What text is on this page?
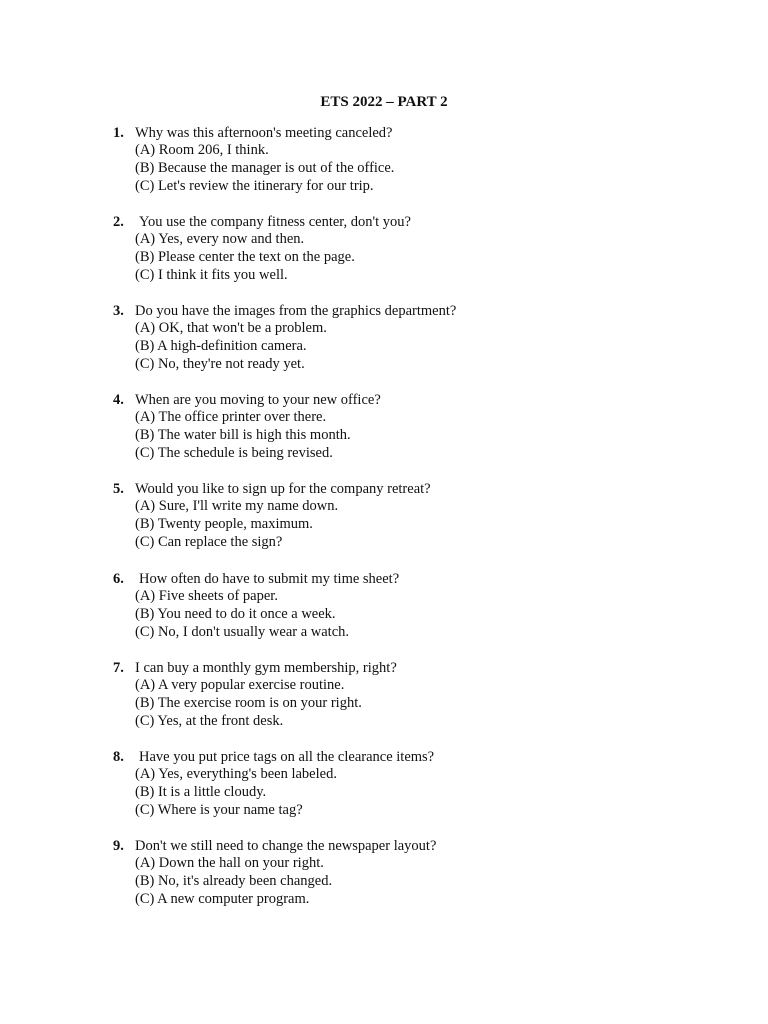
ETS 2022 – PART 2
1. Why was this afternoon's meeting canceled?
(A) Room 206, I think.
(B) Because the manager is out of the office.
(C) Let's review the itinerary for our trip.
2. You use the company fitness center, don't you?
(A) Yes, every now and then.
(B) Please center the text on the page.
(C) I think it fits you well.
3. Do you have the images from the graphics department?
(A) OK, that won't be a problem.
(B) A high-definition camera.
(C) No, they're not ready yet.
4. When are you moving to your new office?
(A) The office printer over there.
(B) The water bill is high this month.
(C) The schedule is being revised.
5. Would you like to sign up for the company retreat?
(A) Sure, I'll write my name down.
(B) Twenty people, maximum.
(C) Can replace the sign?
6. How often do have to submit my time sheet?
(A) Five sheets of paper.
(B) You need to do it once a week.
(C) No, I don't usually wear a watch.
7. I can buy a monthly gym membership, right?
(A) A very popular exercise routine.
(B) The exercise room is on your right.
(C) Yes, at the front desk.
8. Have you put price tags on all the clearance items?
(A) Yes, everything's been labeled.
(B) It is a little cloudy.
(C) Where is your name tag?
9. Don't we still need to change the newspaper layout?
(A) Down the hall on your right.
(B) No, it's already been changed.
(C) A new computer program.
